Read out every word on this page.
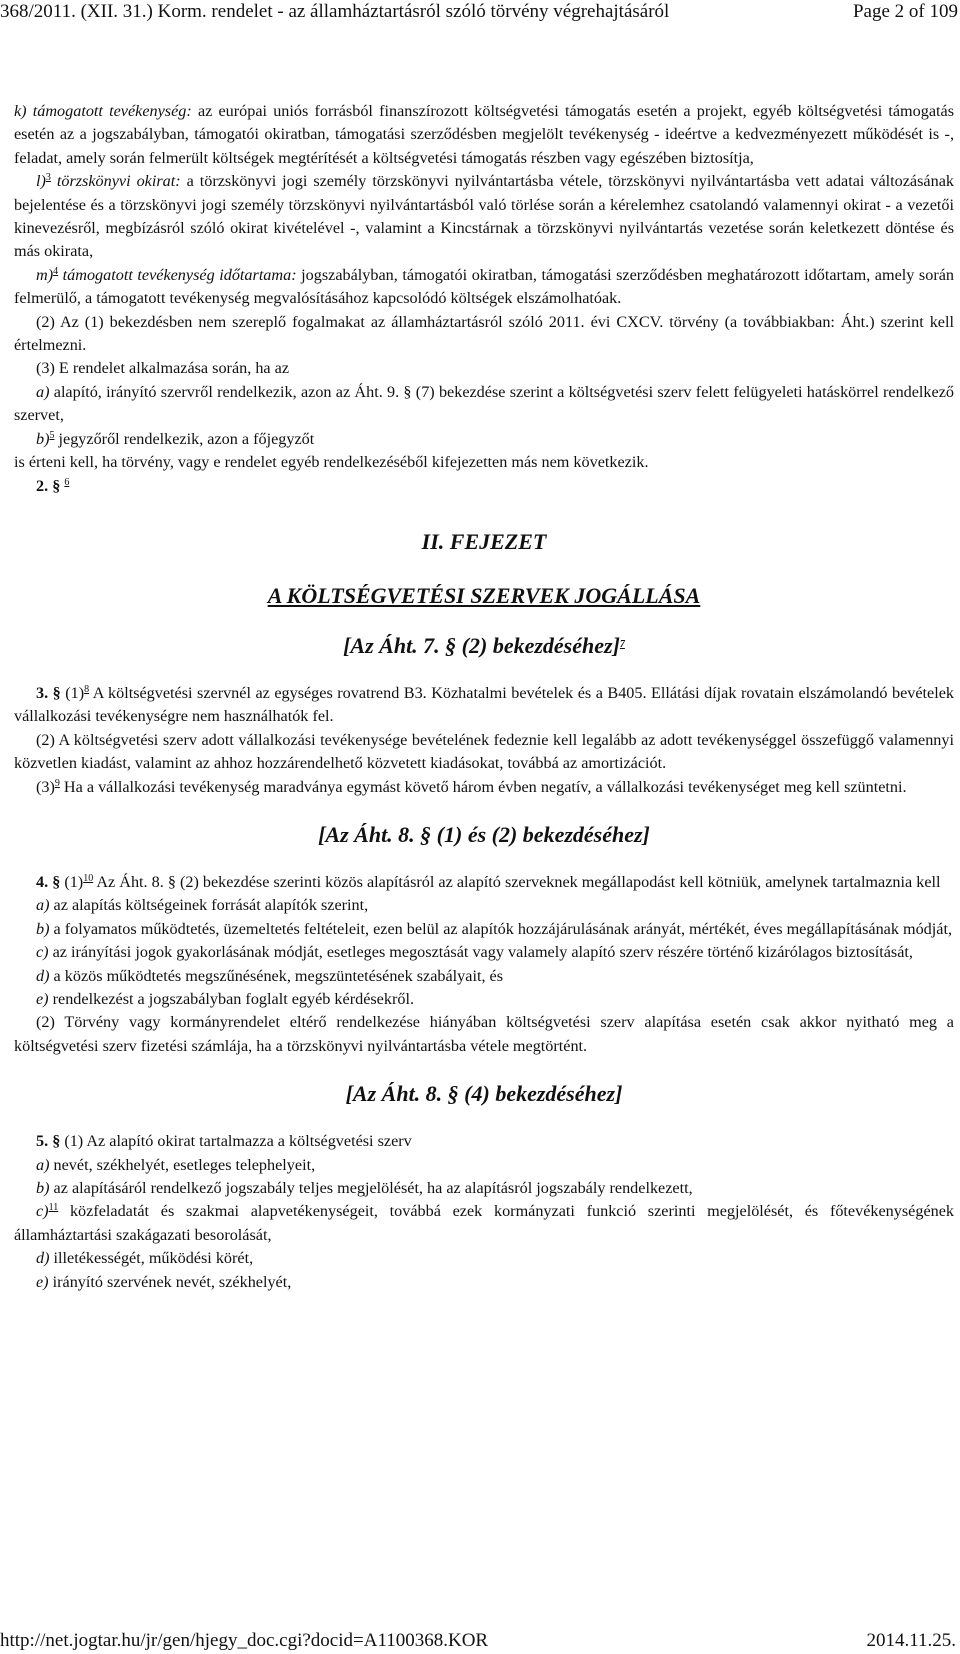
368/2011. (XII. 31.) Korm. rendelet - az államháztartásról szóló törvény végrehajtásáról	Page 2 of 109

k) támogatott tevékenység: az európai uniós forrásból finanszírozott költségvetési támogatás esetén a projekt, egyéb költségvetési támogatás esetén az a jogszabályban, támogatói okiratban, támogatási szerződésben megjelölt tevékenység - ideértve a kedvezményezett működését is -, feladat, amely során felmerült költségek megtérítését a költségvetési támogatás részben vagy egészében biztosítja,

l)$^3$ törzskönyvi okirat: a törzskönyvi jogi személy törzskönyvi nyilvántartásba vétele, törzskönyvi nyilvántartásba vett adatai változásának bejelentése és a törzskönyvi jogi személy törzskönyvi nyilvántartásból való törlése során a kérelemhez csatolandó valamennyi okirat - a vezetői kinevezésről, megbízásról szóló okirat kivételével -, valamint a Kincstárnak a törzskönyvi nyilvántartás vezetése során keletkezett döntése és más okirata,

m)$^4$ támogatott tevékenység időtartama: jogszabályban, támogatói okiratban, támogatási szerződésben meghatározott időtartam, amely során felmerülő, a támogatott tevékenység megvalósításához kapcsolódó költségek elszámolhatóak.

(2) Az (1) bekezdésben nem szereplő fogalmakat az államháztartásról szóló 2011. évi CXCV. törvény (a továbbiakban: Áht.) szerint kell értelmezni.

(3) E rendelet alkalmazása során, ha az

a) alapító, irányító szervről rendelkezik, azon az Áht. 9. § (7) bekezdése szerint a költségvetési szerv felett felügyeleti hatáskörrel rendelkező szervet,

b)$^5$ jegyzőről rendelkezik, azon a főjegyzőt

is érteni kell, ha törvény, vagy e rendelet egyéb rendelkezéséből kifejezetten más nem következik.

2. § $^6$

II. FEJEZET
A KÖLTSÉGVETÉSI SZERVEK JOGÁLLÁSA
[Az Áht. 7. § (2) bekezdéséhez]$^7$

3. § $(1)^8$ A költségvetési szervnél az egységes rovatrend B3. Közhatalmi bevételek és a B405. Ellátási díjak rovatain elszámolandó bevételek vállalkozási tevékenységre nem használhatók fel.

(2) A költségvetési szerv adott vállalkozási tevékenysége bevételének fedeznie kell legalább az adott tevékenységgel összefüggő valamennyi közvetlen kiadást, valamint az ahhoz hozzárendelhető közvetett kiadásokat, továbbá az amortizációt.

$(3)^9$ Ha a vállalkozási tevékenység maradványa egymást követő három évben negatív, a vállalkozási tevékenységet meg kell szüntetni.

[Az Áht. 8. § (1) és (2) bekezdéséhez]

4. § $(1)^{10}$ Az Áht. 8. § (2) bekezdése szerinti közös alapításról az alapító szerveknek megállapodást kell kötniük, amelynek tartalmaznia kell

a) az alapítás költségeinek forrását alapítók szerint,

b) a folyamatos működtetés, üzemeltetés feltételeit, ezen belül az alapítók hozzájárulásának arányát, mértékét, éves megállapításának módját,

c) az irányítási jogok gyakorlásának módját, esetleges megosztását vagy valamely alapító szerv részére történő kizárólagos biztosítását,

d) a közös működtetés megszűnésének, megszüntetésének szabályait, és

e) rendelkezést a jogszabályban foglalt egyéb kérdésekről.

(2) Törvény vagy kormányrendelet eltérő rendelkezése hiányában költségvetési szerv alapítása esetén csak akkor nyitható meg a költségvetési szerv fizetési számlája, ha a törzskönyvi nyilvántartásba vétele megtörtént.

[Az Áht. 8. § (4) bekezdéséhez]

5. § (1) Az alapító okirat tartalmazza a költségvetési szerv

a) nevét, székhelyét, esetleges telephelyeit,

b) az alapításáról rendelkező jogszabály teljes megjelölését, ha az alapításról jogszabály rendelkezett,

c)$^{11}$ közfeladatát és szakmai alapvetékenységeit, továbbá ezek kormányzati funkció szerinti megjelölését, és főtevékenységének államháztartási szakágazati besorolását,

d) illetékességét, működési körét,

e) irányító szervének nevét, székhelyét,

http://net.jogtar.hu/jr/gen/hjegy_doc.cgi?docid=A1100368.KOR	2014.11.25.
